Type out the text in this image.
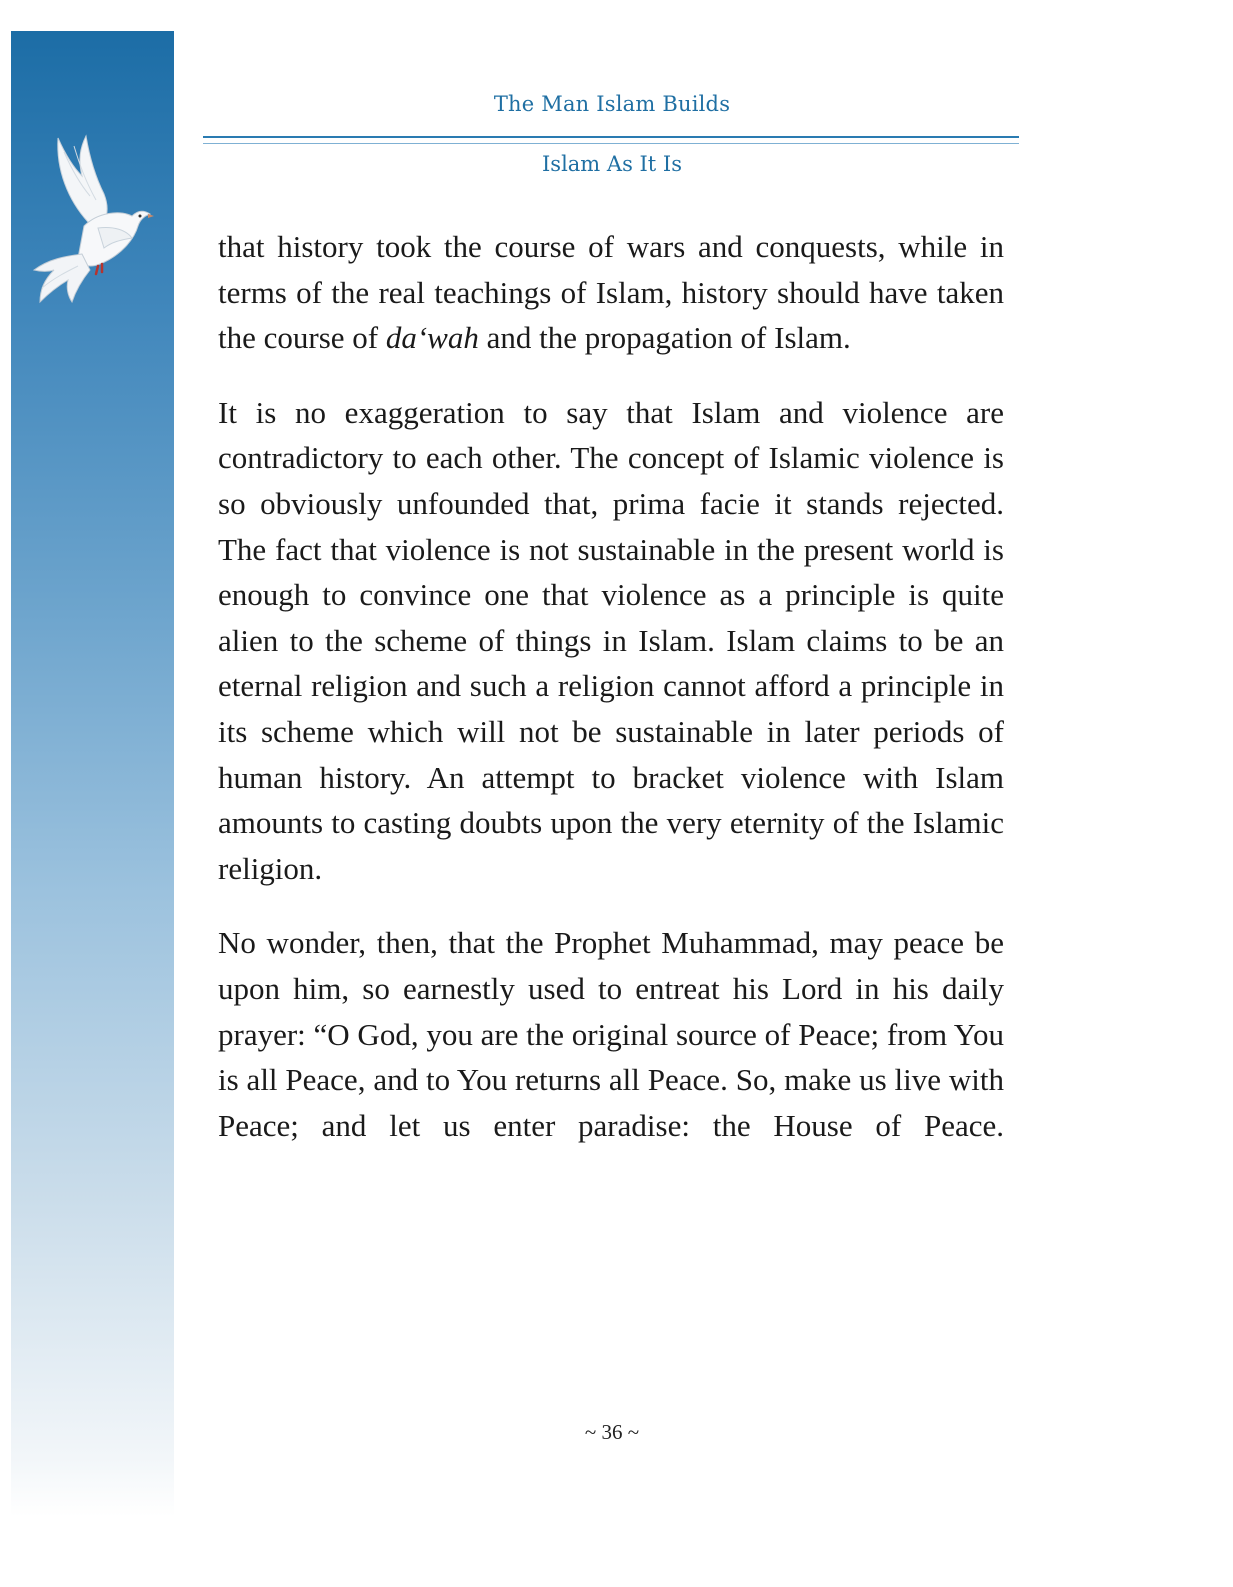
The Man Islam Builds
Islam As It Is

that history took the course of wars and conquests, while in terms of the real teachings of Islam, history should have taken the course of da‘wah and the propagation of Islam.

It is no exaggeration to say that Islam and violence are contradictory to each other. The concept of Islamic violence is so obviously unfounded that, prima facie it stands rejected. The fact that violence is not sustainable in the present world is enough to convince one that violence as a principle is quite alien to the scheme of things in Islam. Islam claims to be an eternal religion and such a religion cannot afford a principle in its scheme which will not be sustainable in later periods of human history. An attempt to bracket violence with Islam amounts to casting doubts upon the very eternity of the Islamic religion.

No wonder, then, that the Prophet Muhammad, may peace be upon him, so earnestly used to entreat his Lord in his daily prayer: “O God, you are the original source of Peace; from You is all Peace, and to You returns all Peace. So, make us live with Peace; and let us enter paradise: the House of Peace.

~ 36 ~
